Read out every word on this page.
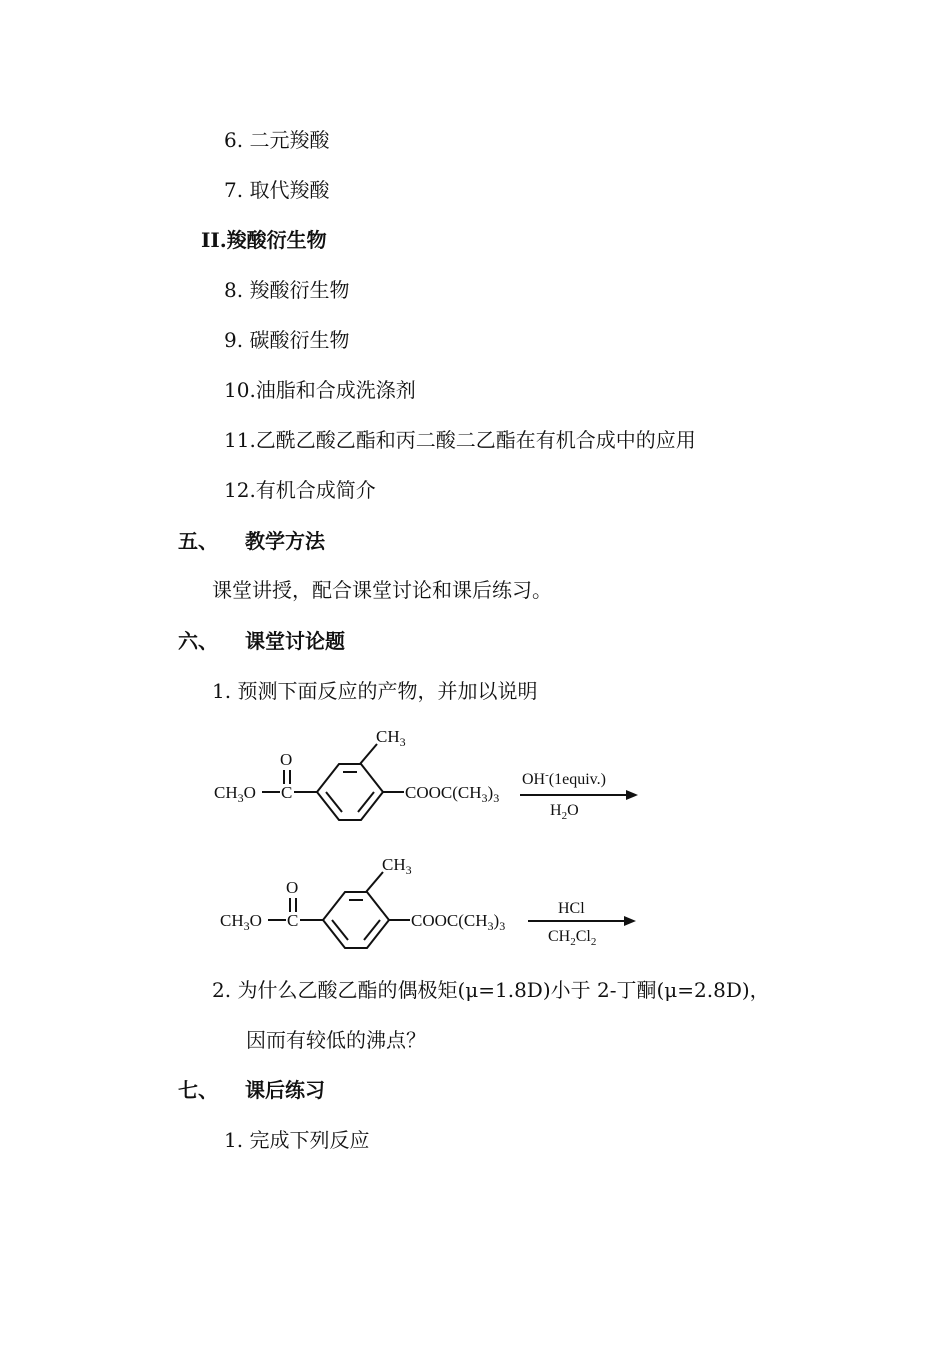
6. 二元羧酸
7. 取代羧酸
II.羧酸衍生物
8. 羧酸衍生物
9. 碳酸衍生物
10.油脂和合成洗涤剂
11.乙酰乙酸乙酯和丙二酸二乙酯在有机合成中的应用
12.有机合成简介
五、 教学方法
课堂讲授，配合课堂讨论和课后练习。
六、 课堂讨论题
1. 预测下面反应的产物，并加以说明
$CH_3$
O
$CH_3O$ C	$COOC(CH_3)_3$
OH-(1equiv.)
$H_2O$
$CH_3$
O
$CH_3O$ C	$COOC(CH_3)_3$
HCl
$CH_2Cl_2$
2. 为什么乙酸乙酯的偶极矩(μ=1.8D)小于 2-丁酮(μ=2.8D)，
因而有较低的沸点？
七、 课后练习
1. 完成下列反应
